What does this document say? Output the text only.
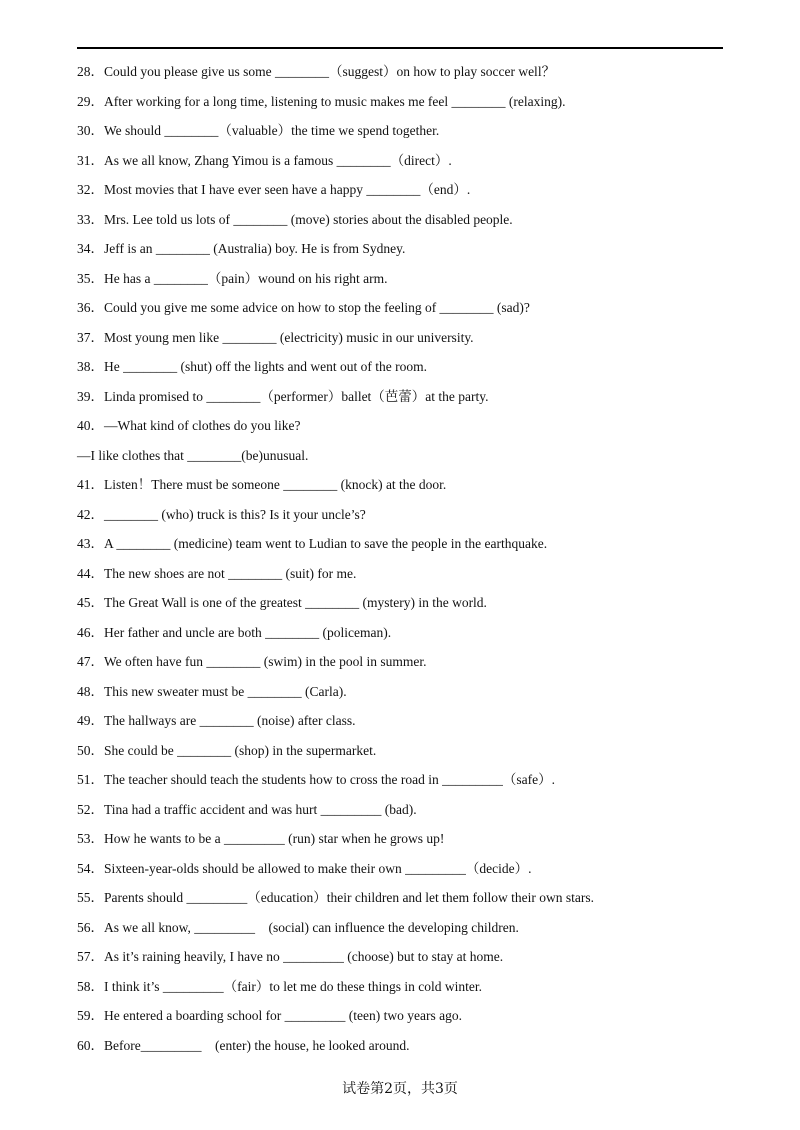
28．Could you please give us some ________（suggest）on how to play soccer well？
29．After working for a long time, listening to music makes me feel ________ (relaxing).
30．We should ________（valuable）the time we spend together.
31．As we all know, Zhang Yimou is a famous ________（direct）.
32．Most movies that I have ever seen have a happy ________（end）.
33．Mrs. Lee told us lots of ________ (move) stories about the disabled people.
34．Jeff is an ________ (Australia) boy. He is from Sydney.
35．He has a ________（pain）wound on his right arm.
36．Could you give me some advice on how to stop the feeling of ________ (sad)?
37．Most young men like ________ (electricity) music in our university.
38．He ________ (shut) off the lights and went out of the room.
39．Linda promised to ________（performer）ballet（芭蕾）at the party.
40．—What kind of clothes do you like?
—I like clothes that ________(be)unusual.
41．Listen！There must be someone ________ (knock) at the door.
42．________ (who) truck is this? Is it your uncle’s?
43．A ________ (medicine) team went to Ludian to save the people in the earthquake.
44．The new shoes are not ________ (suit) for me.
45．The Great Wall is one of the greatest ________ (mystery) in the world.
46．Her father and uncle are both ________ (policeman).
47．We often have fun ________ (swim) in the pool in summer.
48．This new sweater must be ________ (Carla).
49．The hallways are ________ (noise) after class.
50．She could be ________ (shop) in the supermarket.
51．The teacher should teach the students how to cross the road in _________（safe）.
52．Tina had a traffic accident and was hurt _________ (bad).
53．How he wants to be a _________ (run) star when he grows up!
54．Sixteen-year-olds should be allowed to make their own _________（decide）.
55．Parents should _________（education）their children and let them follow their own stars.
56．As we all know, _________    (social) can influence the developing children.
57．As it’s raining heavily, I have no _________ (choose) but to stay at home.
58．I think it’s _________（fair）to let me do these things in cold winter.
59．He entered a boarding school for _________ (teen) two years ago.
60．Before_________    (enter) the house, he looked around.
试卷第2页，共3页
